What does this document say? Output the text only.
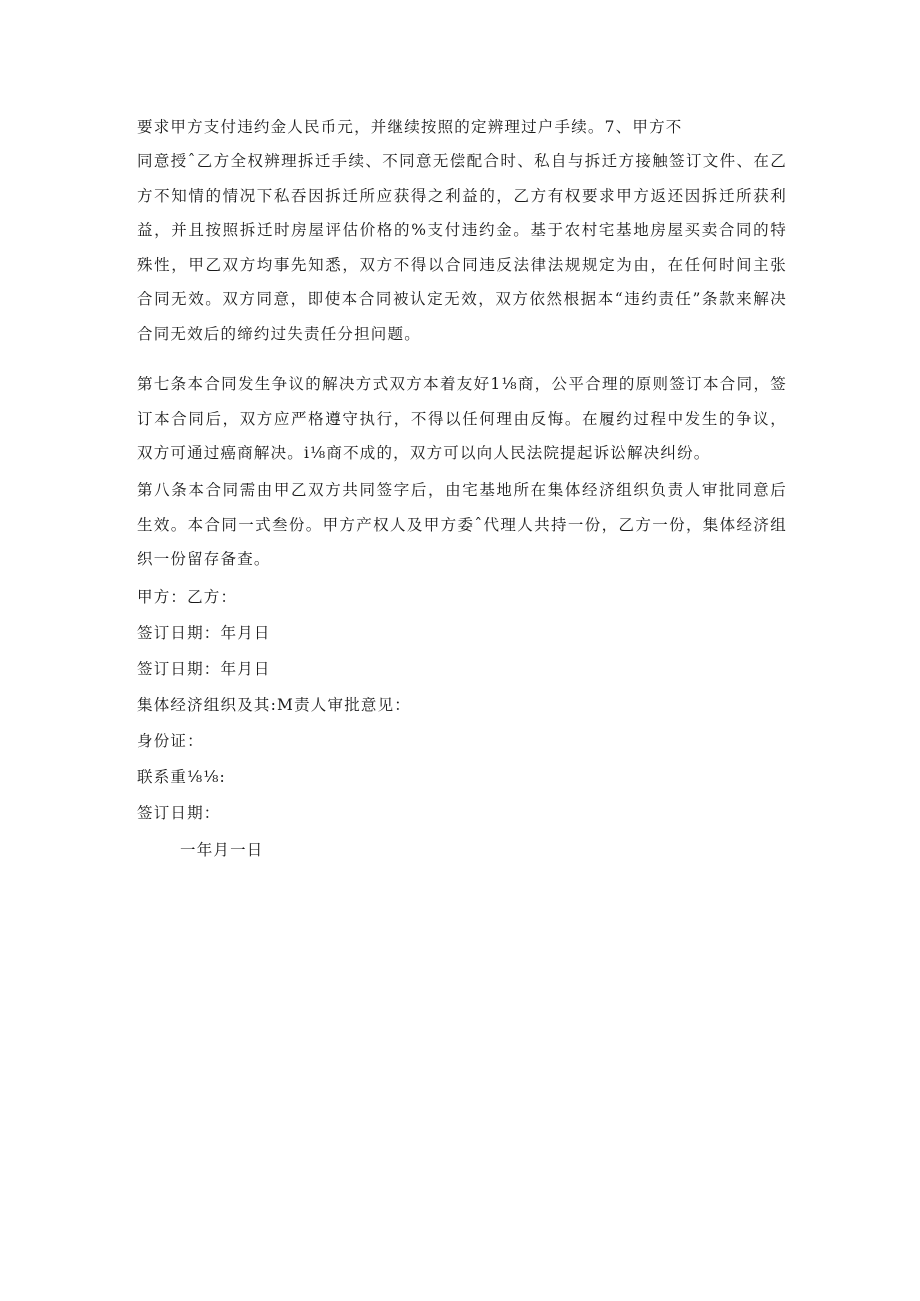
要求甲方支付违约金人民币元，并继续按照的定辨理过户手续。7、甲方不

同意授ˆ乙方全权辨理拆迁手续、不同意无偿配合时、私自与拆迁方接触签订文件、在乙方不知情的情况下私吞因拆迁所应获得之利益的，乙方有权要求甲方返还因拆迁所获利益，并且按照拆迁时房屋评估价格的%支付违约金。基于农村宅基地房屋买卖合同的特殊性，甲乙双方均事先知悉，双方不得以合同违反法律法规规定为由，在任何时间主张合同无效。双方同意，即使本合同被认定无效，双方依然根据本“违约责任”条款来解决合同无效后的缔约过失责任分担问题。

第七条本合同发生争议的解决方式双方本着友好1⅛商，公平合理的原则签订本合同，签订本合同后，双方应严格遵守执行，不得以任何理由反悔。在履约过程中发生的争议，双方可通过癌商解决。i⅛商不成的，双方可以向人民法院提起诉讼解决纠纷。

第八条本合同需由甲乙双方共同签字后，由宅基地所在集体经济组织负责人审批同意后生效。本合同一式叁份。甲方产权人及甲方委ˆ代理人共持一份，乙方一份，集体经济组织一份留存备查。

甲方：乙方：
签订日期：年月日
签订日期：年月日
集体经济组织及其:M责人审批意见：
身份证：
联系重⅛⅛:
签订日期：
一年月一日
